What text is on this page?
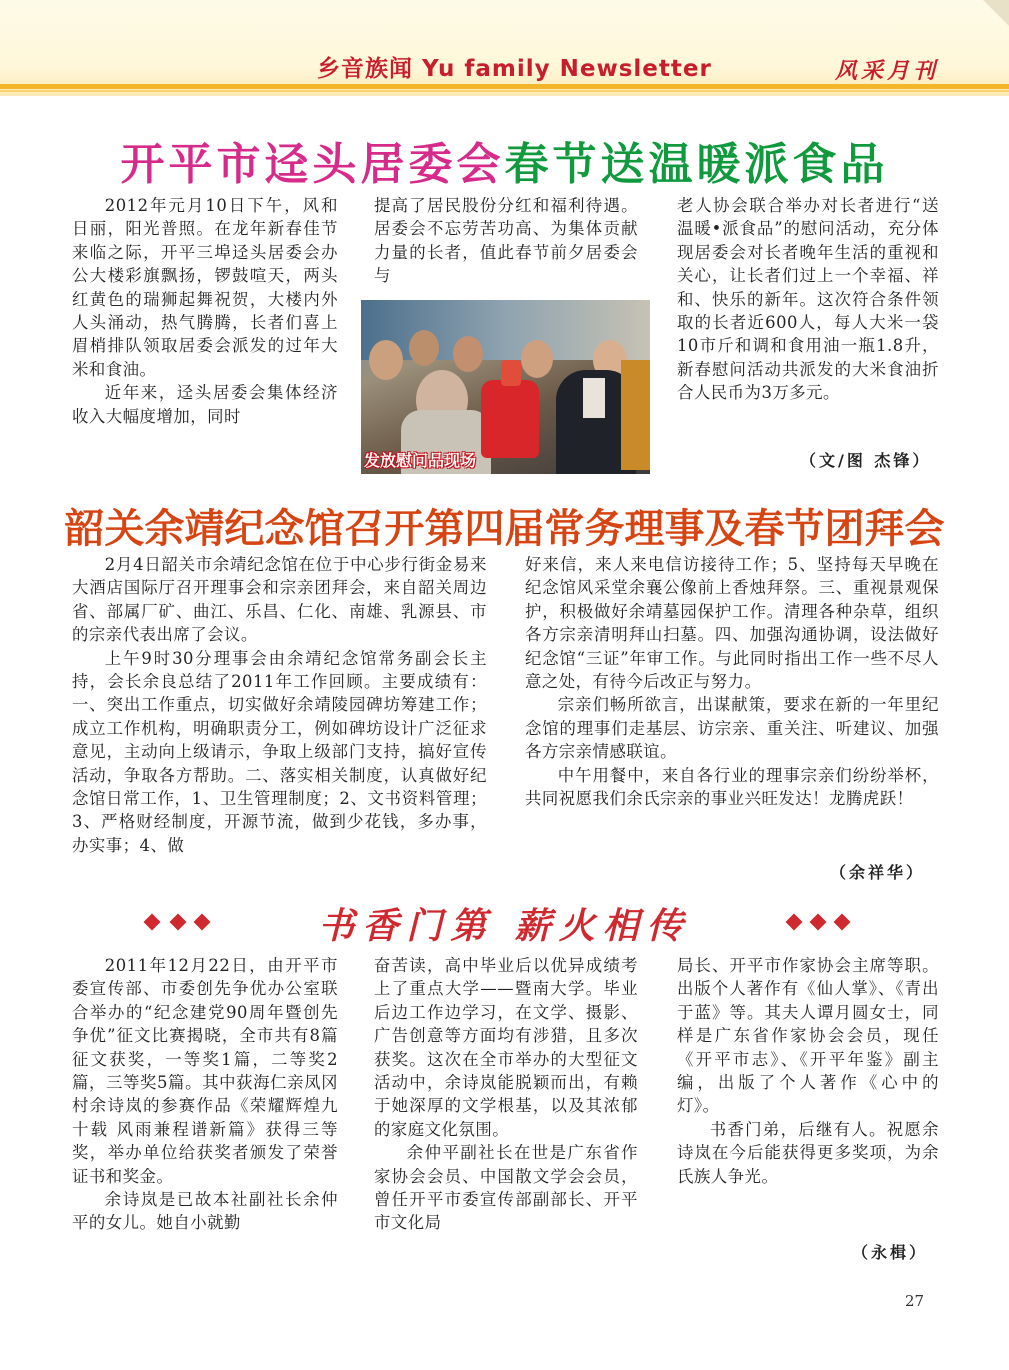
乡音族闻 Yu family Newsletter	风采月刊
开平市迳头居委会春节送温暖派食品

2012年元月10日下午，风和日丽，阳光普照。在龙年新春佳节来临之际，开平三埠迳头居委会办公大楼彩旗飘扬，锣鼓喧天，两头红黄色的瑞狮起舞祝贺，大楼内外人头涌动，热气腾腾，长者们喜上眉梢排队领取居委会派发的过年大米和食油。

近年来，迳头居委会集体经济收入大幅度增加，同时

提高了居民股份分红和福利待遇。居委会不忘劳苦功高、为集体贡献力量的长者，值此春节前夕居委会与

发放慰问品现场

老人协会联合举办对长者进行“送温暖•派食品”的慰问活动，充分体现居委会对长者晚年生活的重视和关心，让长者们过上一个幸福、祥和、快乐的新年。这次符合条件领取的长者近600人，每人大米一袋10市斤和调和食用油一瓶1.8升，新春慰问活动共派发的大米食油折合人民币为3万多元。

（文/图 杰锋）
韶关余靖纪念馆召开第四届常务理事及春节团拜会

2月4日韶关市余靖纪念馆在位于中心步行街金易来大酒店国际厅召开理事会和宗亲团拜会，来自韶关周边省、部属厂矿、曲江、乐昌、仁化、南雄、乳源县、市的宗亲代表出席了会议。

上午9时30分理事会由余靖纪念馆常务副会长主持，会长余良总结了2011年工作回顾。主要成绩有：一、突出工作重点，切实做好余靖陵园碑坊筹建工作；成立工作机构，明确职责分工，例如碑坊设计广泛征求意见，主动向上级请示，争取上级部门支持，搞好宣传活动，争取各方帮助。二、落实相关制度，认真做好纪念馆日常工作，1、卫生管理制度；2、文书资料管理；3、严格财经制度，开源节流，做到少花钱，多办事，办实事；4、做

好来信，来人来电信访接待工作；5、坚持每天早晚在纪念馆风采堂余襄公像前上香烛拜祭。三、重视景观保护，积极做好余靖墓园保护工作。清理各种杂草，组织各方宗亲清明拜山扫墓。四、加强沟通协调，设法做好纪念馆“三证”年审工作。与此同时指出工作一些不尽人意之处，有待今后改正与努力。

宗亲们畅所欲言，出谋献策，要求在新的一年里纪念馆的理事们走基层、访宗亲、重关注、听建议、加强各方宗亲情感联谊。

中午用餐中，来自各行业的理事宗亲们纷纷举杯，共同祝愿我们余氏宗亲的事业兴旺发达！龙腾虎跃！

（余祥华）
书香门第 薪火相传

2011年12月22日，由开平市委宣传部、市委创先争优办公室联合举办的“纪念建党90周年暨创先争优”征文比赛揭晓，全市共有8篇征文获奖，一等奖1篇，二等奖2篇，三等奖5篇。其中荻海仁亲凤冈村余诗岚的参赛作品《荣耀辉煌九十载 风雨兼程谱新篇》获得三等奖，举办单位给获奖者颁发了荣誉证书和奖金。

余诗岚是已故本社副社长余仲平的女儿。她自小就勤

奋苦读，高中毕业后以优异成绩考上了重点大学——暨南大学。毕业后边工作边学习，在文学、摄影、广告创意等方面均有涉猎，且多次获奖。这次在全市举办的大型征文活动中，余诗岚能脱颖而出，有赖于她深厚的文学根基，以及其浓郁的家庭文化氛围。

余仲平副社长在世是广东省作家协会会员、中国散文学会会员，曾任开平市委宣传部副部长、开平市文化局

局长、开平市作家协会主席等职。出版个人著作有《仙人掌》、《青出于蓝》等。其夫人谭月圆女士，同样是广东省作家协会会员，现任《开平市志》、《开平年鉴》副主编，出版了个人著作《心中的灯》。

书香门弟，后继有人。祝愿余诗岚在今后能获得更多奖项，为余氏族人争光。

（永楫）
27
